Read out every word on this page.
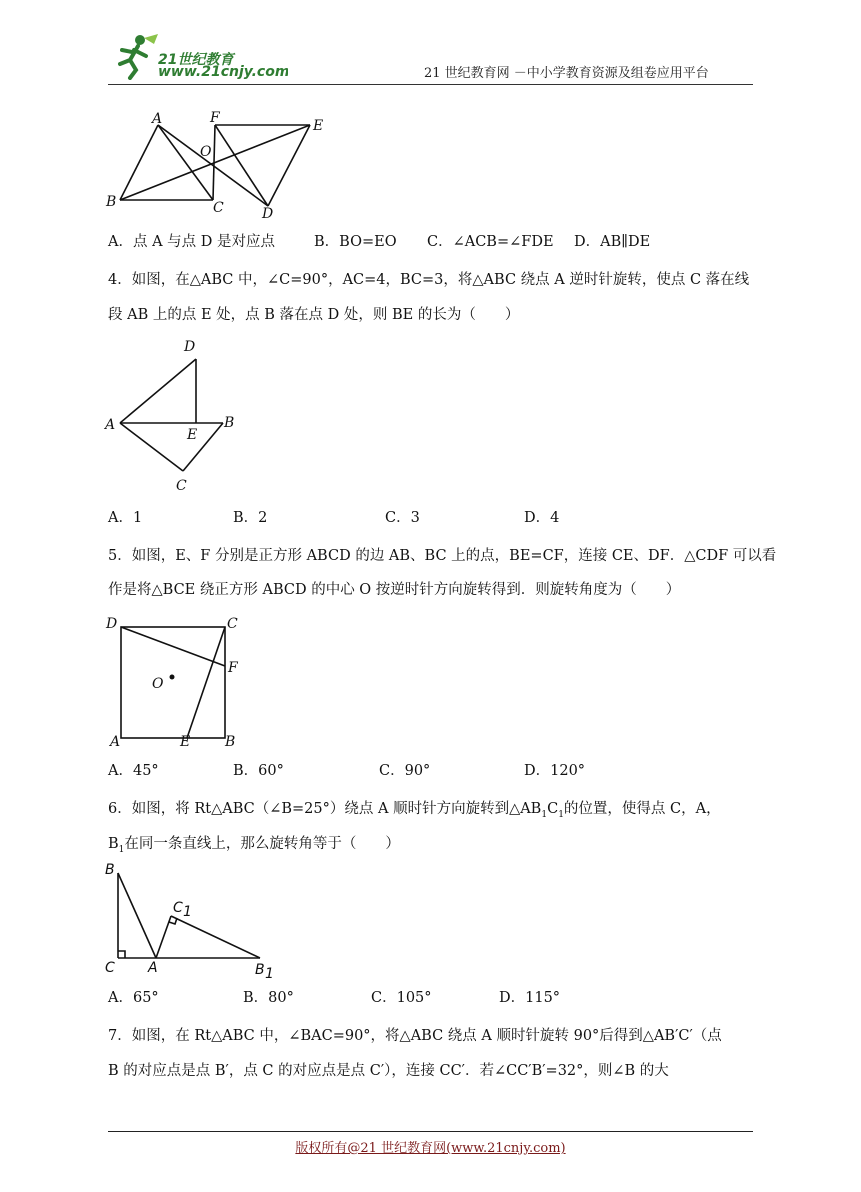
21世纪教育
www.21cnjy.com	21 世纪教育网 －中小学教育资源及组卷应用平台
A
B	C	D
E
F
O
A．点 A 与点 D 是对应点	B．BO=EO C．∠ACB=∠FDE D．AB∥DE
4．如图，在△ABC 中，∠C=90°，AC=4，BC=3，将△ABC 绕点 A 逆时针旋转，使点 C 落在线
段 AB 上的点 E 处，点 B 落在点 D 处，则 BE 的长为（　　）
D
A
E
B
C
A．1	B．2	C．3	D．4
5．如图，E、F 分别是正方形 ABCD 的边 AB、BC 上的点，BE=CF，连接 CE、DF．△CDF 可以看
作是将△BCE 绕正方形 ABCD 的中心 O 按逆时针方向旋转得到．则旋转角度为（　　）
D	C
F
O
A	E B
A．45°	B．60°	C．90°	D．120°
6．如图，将 Rt△ABC（∠B=25°）绕点 A 顺时针方向旋转到$\triangle AB_1C_1$的位置，使得点 C，A，
$B_1$在同一条直线上，那么旋转角等于（　　）
B
C A
C 1
B 1
A．65°	B．80°	C．105°	D．115°
7．如图，在 Rt△ABC 中，∠BAC=90°，将△ABC 绕点 A 顺时针旋转 90°后得到△AB′C′（点
B 的对应点是点 B′，点 C 的对应点是点 C′），连接 CC′．若∠CC′B′=32°，则∠B 的大
版权所有@21 世纪教育网(www.21cnjy.com)
